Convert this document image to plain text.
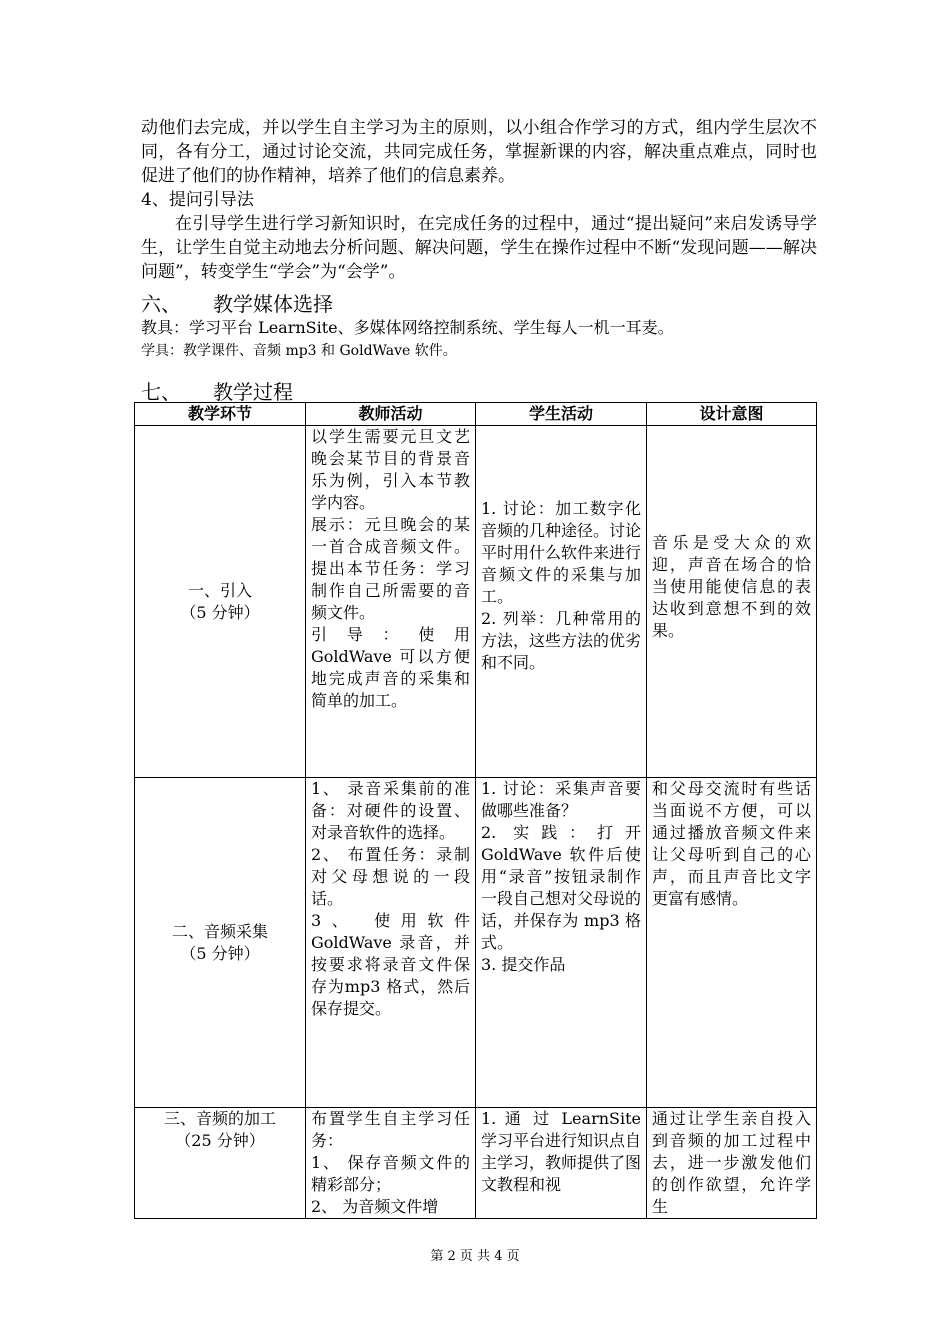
动他们去完成，并以学生自主学习为主的原则，以小组合作学习的方式，组内学生层次不同，各有分工，通过讨论交流，共同完成任务，掌握新课的内容，解决重点难点，同时也促进了他们的协作精神，培养了他们的信息素养。

4、提问引导法

在引导学生进行学习新知识时，在完成任务的过程中，通过“提出疑问”来启发诱导学生，让学生自觉主动地去分析问题、解决问题，学生在操作过程中不断“发现问题——解决问题”，转变学生“学会”为“会学”。

六、 教学媒体选择
教具：学习平台 LearnSite、多媒体网络控制系统、学生每人一机一耳麦。
学具：教学课件、音频 mp3 和 GoldWave 软件。
七、 教学过程
教学环节	教师活动	学生活动	设计意图

一、引入
（5 分钟）	以学生需要元旦文艺晚会某节目的背景音乐为例，引入本节教学内容。
展示：元旦晚会的某一首合成音频文件。提出本节任务：学习制作自己所需要的音频文件。
引导：使用 GoldWave 可以方便地完成声音的采集和简单的加工。	1. 讨论：加工数字化音频的几种途径。讨论平时用什么软件来进行音频文件的采集与加工。
2. 列举：几种常用的方法，这些方法的优劣和不同。	音乐是受大众的欢迎，声音在场合的恰当使用能使信息的表达收到意想不到的效果。

二、音频采集
（5 分钟）	1、 录音采集前的准备：对硬件的设置、对录音软件的选择。
2、 布置任务：录制对父母想说的一段话。
3、 使用软件 GoldWave 录音，并按要求将录音文件保存为mp3 格式，然后保存提交。	1. 讨论：采集声音要做哪些准备？
2. 实践：打开 GoldWave 软件后使用“录音”按钮录制作一段自己想对父母说的话，并保存为 mp3 格式。
3. 提交作品	和父母交流时有些话当面说不方便，可以通过播放音频文件来让父母听到自己的心声，而且声音比文字更富有感情。

三、音频的加工
（25 分钟）	布置学生自主学习任务：
1、 保存音频文件的精彩部分；
2、 为音频文件增	1. 通 过 LearnSite 学习平台进行知识点自主学习，教师提供了图文教程和视	通过让学生亲自投入到音频的加工过程中去，进一步激发他们的创作欲望，允许学生
第 2 页 共 4 页
